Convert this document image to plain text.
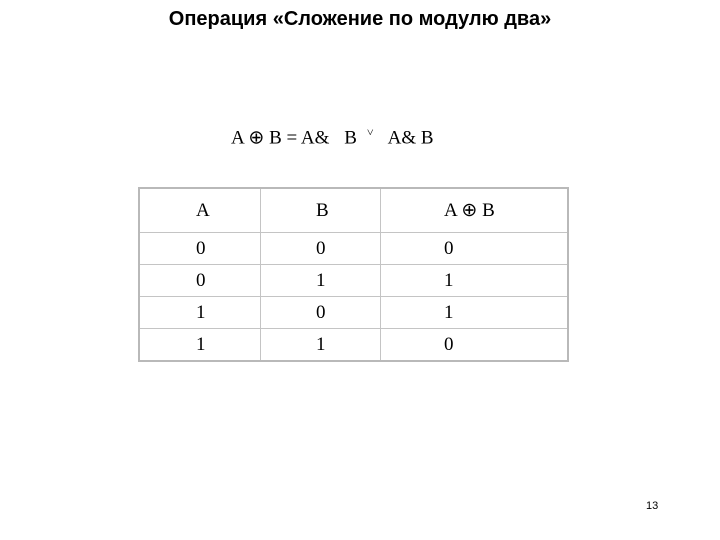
Операция «Сложение по модулю два»
A ⊕ B = A& B ˅ A& B
A	B	A ⊕ B
0	0	0
0	1	1
1	0	1
1	1	0
13
